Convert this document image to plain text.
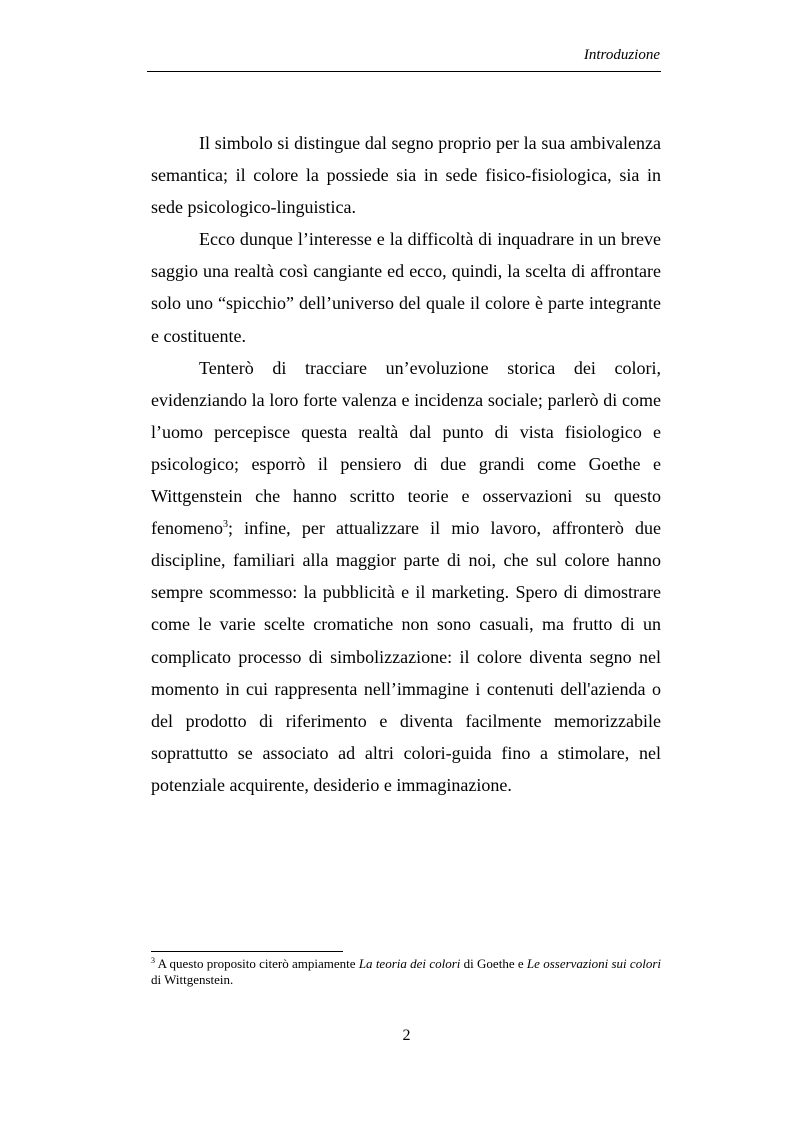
Introduzione

Il simbolo si distingue dal segno proprio per la sua ambivalenza semantica; il colore la possiede sia in sede fisico-fisiologica, sia in sede psicologico-linguistica.

Ecco dunque l’interesse e la difficoltà di inquadrare in un breve saggio una realtà così cangiante ed ecco, quindi, la scelta di affrontare solo uno “spicchio” dell’universo del quale il colore è parte integrante e costituente.

Tenterò di tracciare un’evoluzione storica dei colori, evidenziando la loro forte valenza e incidenza sociale; parlerò di come l’uomo percepisce questa realtà dal punto di vista fisiologico e psicologico; esporrò il pensiero di due grandi come Goethe e Wittgenstein che hanno scritto teorie e osservazioni su questo fenomeno$^3$; infine, per attualizzare il mio lavoro, affronterò due discipline, familiari alla maggior parte di noi, che sul colore hanno sempre scommesso: la pubblicità e il marketing. Spero di dimostrare come le varie scelte cromatiche non sono casuali, ma frutto di un complicato processo di simbolizzazione: il colore diventa segno nel momento in cui rappresenta nell’immagine i contenuti dell'azienda o del prodotto di riferimento e diventa facilmente memorizzabile soprattutto se associato ad altri colori-guida fino a stimolare, nel potenziale acquirente, desiderio e immaginazione.

$^3$ A questo proposito citerò ampiamente La teoria dei colori di Goethe e Le osservazioni sui colori di Wittgenstein.
2
